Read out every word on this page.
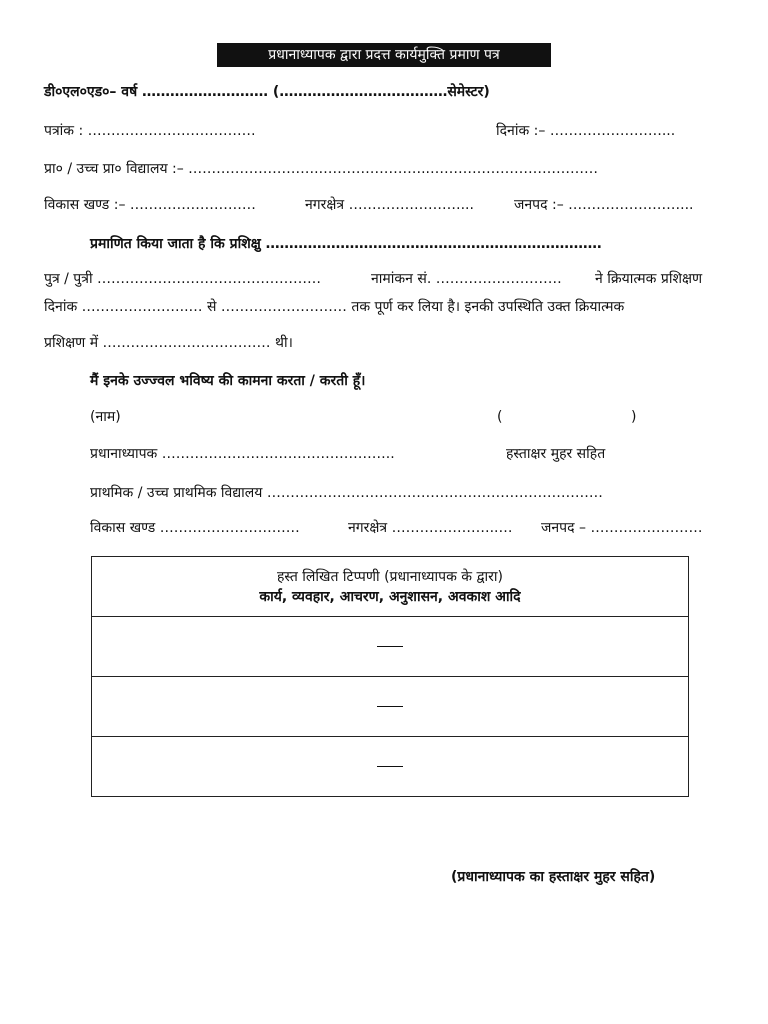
प्रधानाध्यापक द्वारा प्रदत्त कार्यमुक्ति प्रमाण पत्र
डी०एल०एड०– वर्ष ……………………… (………………………………सेमेस्टर)
पत्रांक : ………………………………	दिनांक :– ……………………...
प्रा० / उच्च प्रा० विद्यालय :– ………………………..…………………..………………………………
विकास खण्ड :– ………………………	नगरक्षेत्र ……………………...	जनपद :– ……………………...
प्रमाणित किया जाता है कि प्रशिक्षु ………………………………………………………………
पुत्र / पुत्री …………………………………………	नामांकन सं. ……………………… ने क्रियात्मक प्रशिक्षण
दिनांक …………………..… से ……………………… तक पूर्ण कर लिया है। इनकी उपस्थिति उक्त क्रियात्मक
प्रशिक्षण में ……………………………… थी।
मैं इनके उज्ज्वल भविष्य की कामना करता / करती हूँ।
(नाम)	(	)
प्रधानाध्यापक …………………………………………..	हस्ताक्षर मुहर सहित
प्राथमिक / उच्च प्राथमिक विद्यालय ………………………………………………………………
विकास खण्ड …………………………	नगरक्षेत्र …………………..… जनपद – ……………………
हस्त लिखित टिप्पणी (प्रधानाध्यापक के द्वारा)
कार्य, व्यवहार, आचरण, अनुशासन, अवकाश आदि

(प्रधानाध्यापक का हस्ताक्षर मुहर सहित)
